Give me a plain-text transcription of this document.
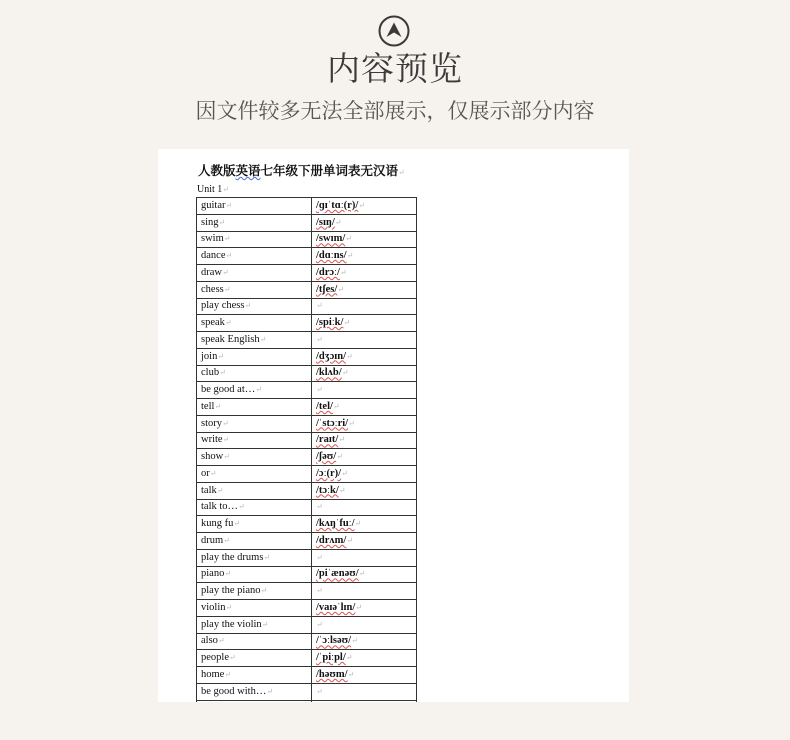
内容预览
因文件较多无法全部展示，仅展示部分内容
人教版英语七年级下册单词表无汉语↵
Unit 1↵
guitar↵	/ɡɪˈtɑː(r)/↵
sing↵	/sɪŋ/↵
swim↵	/swɪm/↵
dance↵	/dɑːns/↵
draw↵	/drɔː/↵
chess↵	/tʃes/↵
play chess↵	↵
speak↵	/spiːk/↵
speak English↵	↵
join↵	/dʒɔɪn/↵
club↵	/klʌb/↵
be good at…↵	↵
tell↵	/tel/↵
story↵	/ˈstɔːri/↵
write↵	/raɪt/↵
show↵	/ʃəʊ/↵
or↵	/ɔː(r)/↵
talk↵	/tɔːk/↵
talk to…↵	↵
kung fu↵	/kʌŋˈfuː/↵
drum↵	/drʌm/↵
play the drums↵	↵
piano↵	/piˈænəʊ/↵
play the piano↵	↵
violin↵	/vaɪəˈlɪn/↵
play the violin↵	↵
also↵	/ˈɔːlsəʊ/↵
people↵	/ˈpiːpl/↵
home↵	/həʊm/↵
be good with…↵	↵
